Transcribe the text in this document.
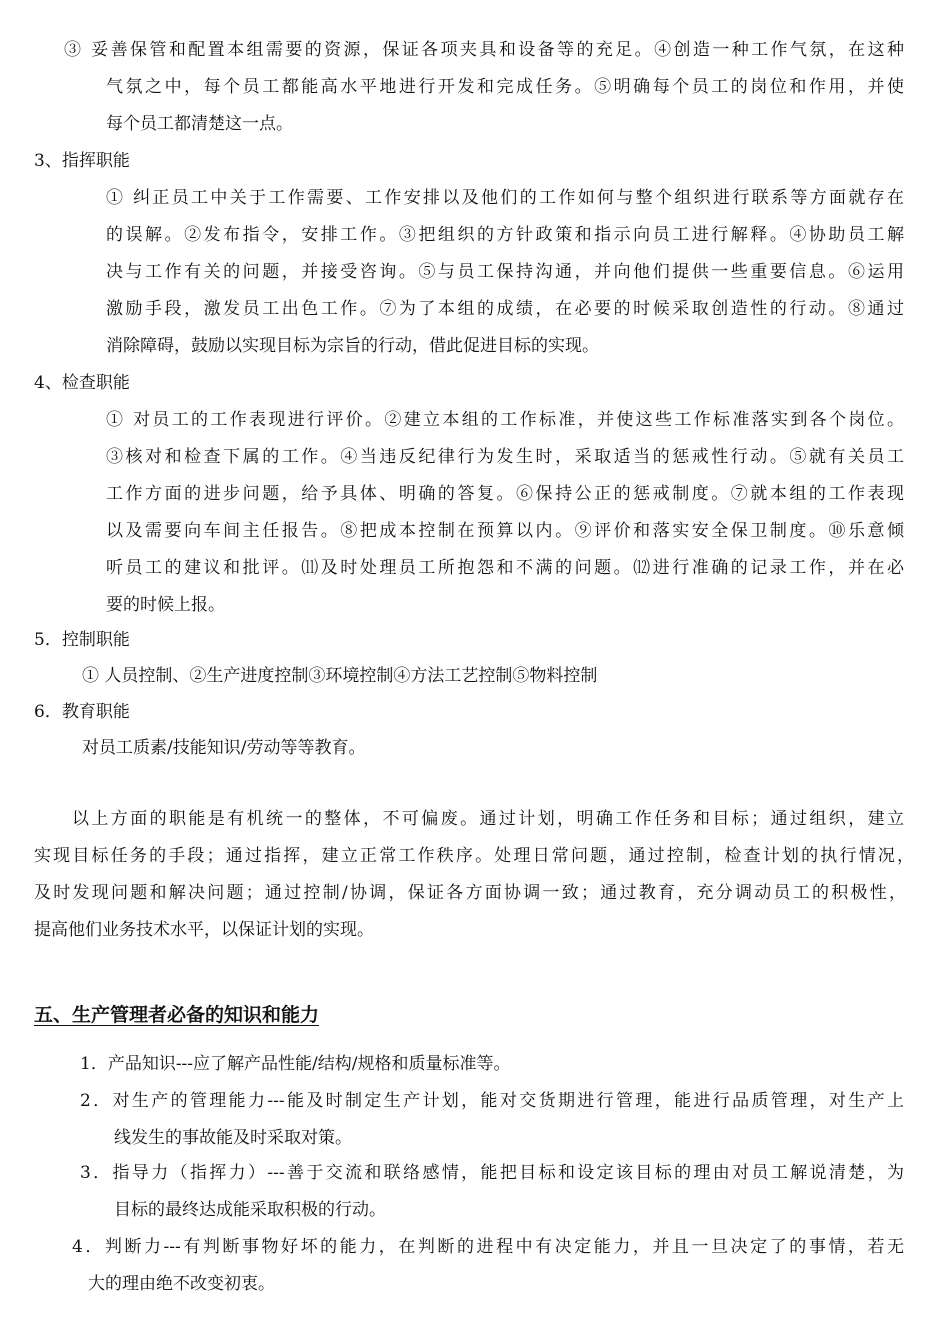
③ 妥善保管和配置本组需要的资源，保证各项夹具和设备等的充足。④创造一种工作气氛，在这种
气氛之中，每个员工都能高水平地进行开发和完成任务。⑤明确每个员工的岗位和作用，并使
每个员工都清楚这一点。
3、指挥职能
① 纠正员工中关于工作需要、工作安排以及他们的工作如何与整个组织进行联系等方面就存在
的误解。②发布指令，安排工作。③把组织的方针政策和指示向员工进行解释。④协助员工解
决与工作有关的问题，并接受咨询。⑤与员工保持沟通，并向他们提供一些重要信息。⑥运用
激励手段，激发员工出色工作。⑦为了本组的成绩，在必要的时候采取创造性的行动。⑧通过
消除障碍，鼓励以实现目标为宗旨的行动，借此促进目标的实现。
4、检查职能
① 对员工的工作表现进行评价。②建立本组的工作标准，并使这些工作标准落实到各个岗位。
③核对和检查下属的工作。④当违反纪律行为发生时，采取适当的惩戒性行动。⑤就有关员工
工作方面的进步问题，给予具体、明确的答复。⑥保持公正的惩戒制度。⑦就本组的工作表现
以及需要向车间主任报告。⑧把成本控制在预算以内。⑨评价和落实安全保卫制度。⑩乐意倾
听员工的建议和批评。⑾及时处理员工所抱怨和不满的问题。⑿进行准确的记录工作，并在必
要的时候上报。
5．控制职能
① 人员控制、②生产进度控制③环境控制④方法工艺控制⑤物料控制
6．教育职能
对员工质素/技能知识/劳动等等教育。
以上方面的职能是有机统一的整体，不可偏废。通过计划，明确工作任务和目标；通过组织，建立
实现目标任务的手段；通过指挥，建立正常工作秩序。处理日常问题，通过控制，检查计划的执行情况，
及时发现问题和解决问题；通过控制/协调，保证各方面协调一致；通过教育，充分调动员工的积极性，
提高他们业务技术水平，以保证计划的实现。
五、生产管理者必备的知识和能力
1．产品知识---应了解产品性能/结构/规格和质量标准等。
2．对生产的管理能力---能及时制定生产计划，能对交货期进行管理，能进行品质管理，对生产上
线发生的事故能及时采取对策。
3．指导力（指挥力）---善于交流和联络感情，能把目标和设定该目标的理由对员工解说清楚，为
目标的最终达成能采取积极的行动。
4．判断力---有判断事物好坏的能力，在判断的进程中有决定能力，并且一旦决定了的事情，若无
大的理由绝不改变初衷。
